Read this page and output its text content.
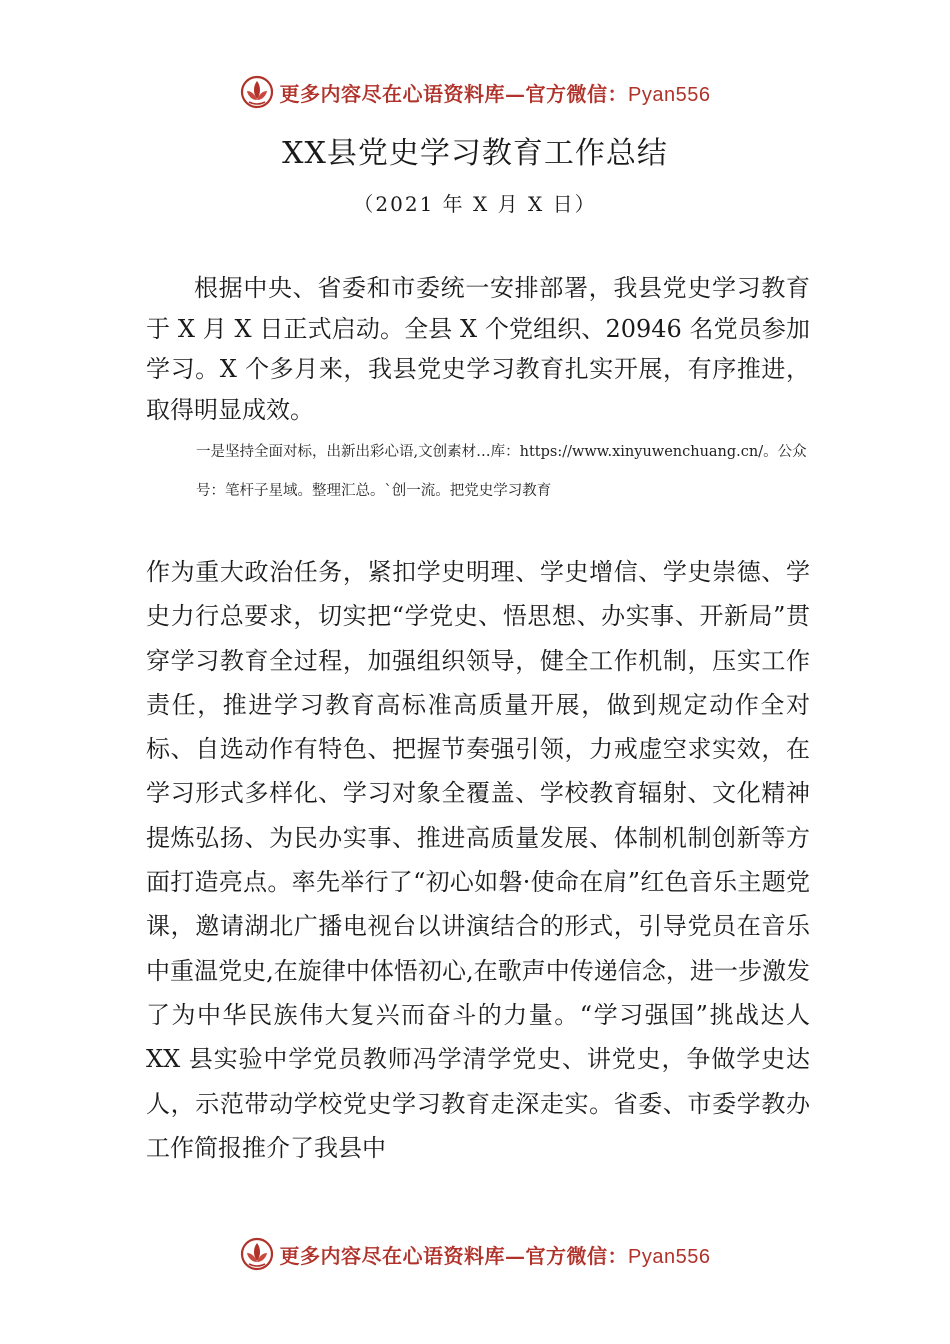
更多内容尽在心语资料库—官方微信：Pyan556
XX县党史学习教育工作总结
（2021 年 X 月 X 日）

根据中央、省委和市委统一安排部署，我县党史学习教育于 X 月 X 日正式启动。全县 X 个党组织、20946 名党员参加学习。X 个多月来，我县党史学习教育扎实开展，有序推进，取得明显成效。

一是坚持全面对标，出新出彩心语,文创素材…库：https://www.xinyuwenchuang.cn/。公众号：笔杆子星域。整理汇总。`创一流。把党史学习教育

作为重大政治任务，紧扣学史明理、学史增信、学史崇德、学史力行总要求，切实把“学党史、悟思想、办实事、开新局”贯穿学习教育全过程，加强组织领导，健全工作机制，压实工作责任，推进学习教育高标准高质量开展，做到规定动作全对标、自选动作有特色、把握节奏强引领，力戒虚空求实效，在学习形式多样化、学习对象全覆盖、学校教育辐射、文化精神提炼弘扬、为民办实事、推进高质量发展、体制机制创新等方面打造亮点。率先举行了“初心如磐·使命在肩”红色音乐主题党课，邀请湖北广播电视台以讲演结合的形式，引导党员在音乐中重温党史,在旋律中体悟初心,在歌声中传递信念，进一步激发了为中华民族伟大复兴而奋斗的力量。“学习强国”挑战达人 XX 县实验中学党员教师冯学清学党史、讲党史，争做学史达人，示范带动学校党史学习教育走深走实。省委、市委学教办工作简报推介了我县中

更多内容尽在心语资料库—官方微信：Pyan556
